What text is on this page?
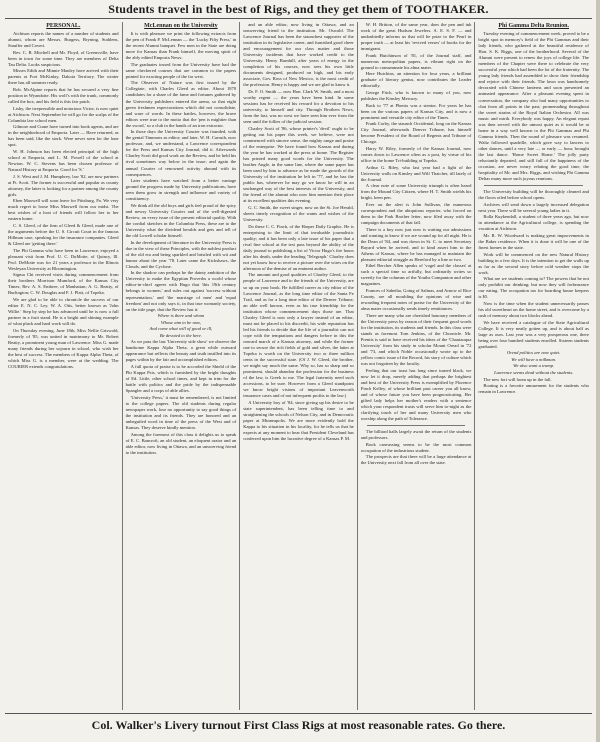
Students travel in the best of Rigs, and they get them of TOOTHAKER.
PERSONAL.

Atchison reports the names of a number of students and alumni, whom are Messrs. Burgess, Bryning, Stahlens, Stauffer and Covert.

Rev. C. B. Mitchell and Mr. Floyd, of Greensville, have been in town for some time. They are members of Delta Tau Delta. Looks suspicious.

Misses Edith and Minnie Manley have arrived with their parents at Fort McKinlay, Dakota Territory. The winter there has all summer ready.

Rob. McAlpine reports that he has secured a very fine position in Wyandotte. His wolf's with the trunk, commonly called the box, and his field is this fair patch.

Lisby, the irrepressible and notorious Victor, is now quiet at Atchison. Next September he will go for the scalps of the Columbia law school men.

Gilmore and Crane have turned into book agents, and are in the neighborhood of Emporia. Later — Have returned, as has been said, like the stork. Were never seen for the lone spot.

W. H. Johnson has been elected principal of the high school at Emporia, and L. M. Powell of the school at Newton. W. C. Stevens has been chosen professor of Natural History at Emporia. Good for 'S.'

J. S. West and J. M. Humphrey, law '82, are now partners at Ft. Scott. The former is successful and popular as county attorney, the latter is looking for a partner among the county girls.

Eben Maxwell will soon leave for Pittsburg, Pa. We very much regret to loose Miss Maxwell from our midst. The best wishes of a host of friends will follow her to her eastern home.

C. S. Gleed, of the firm of Gleed & Gleed, made one of the arguments before the U. S. Circuit Court in the famous Hillman case, speaking for the insurance companies. Gleed & Gleed are 'getting there.'

The Phi Gamma who have been in Lawrence, enjoyed a pleasant visit from Prof. U. C. DuMotte, of Quincy, Ill. Prof. DeMotte was for 21 years a professor in the Illinois Wesleyan University at Bloomington.

Sigma Chi received visits during commencement from their brothers Morrison Mumford, of the Kansas City Times; Rev. A. S. Embree, of Manhattan; A. G. Beatty, of Burlington; C. W. Douglas and F. J. Platt, of Topeka.

We are glad to be able to chronicle the success of our editor E. N. C. Ley. W. A. Otis, better known as 'John Willie.' Step by step he has advanced until he is now a full partner in a fruit stand. He is a bright and shining example of what pluck and hard work will do.

On Thursday evening, June 18th, Miss Nellie Griswold, formerly of '85, was united in matrimony to Mr. Robert Beatty, a prominent young man of Lawrence. Miss G. made many friends during her sojourn in school, who wish her the best of success. The members of Kappa Alpha Theta, of which Miss G. is a member, were at the wedding. The COURIER extends congratulations.

McLennan on the University

It is with pleasure we print the following extracts from the pen of Frank P. McLennan — the 'Lucky Fifty Press,' in the recent Alumni banquet. Few men in the State are doing more for Kansas than Frank himself, the moving spirit of the ably edited Emporia News:

The graduates tossed from the University have had the same checkered courses that are common to the papers printed for exacting people of the far west.

The Observer of Nature was first issued by the Collegiate, with Charles Gleed as editor. About 1870 candidates for a share of the fame and fortunes gathered by the University publishers entered the arena, so that eight green freshmen expectorations which did not consolidate, and ware of words. In these battles, however, the brave editors were true to the motto that the 'pen is mightier than the sword,' so a club in the hands of an iron extractor.

In those days the University Courier was founded, with the genial Timmons as editor; and later, W. H. Carruth, now professor, and, we understand, a Lawrence correspondent for the Press and Kansas City Journal, did it. Afterwards Charley Scott did good work on the Review, and he held his rival sometimes way below in the issue; and again the annual Courier of renowned activity abound with its consequences.

Later students have watched from a better vantage ground the progress made by University publications; have seen them grow in strength and influence and variety of constituency.

We think all the old boys and girls feel proud of the spicy and newsy University Courier and of the well-digested Review, on every issue of the present editorial quality. With the cordial sketches in the Columbia Press, these are to the University what the dividend heralds and gets and tell of the old Lowell scholar himself.

In the development of literature in the University Press is due in the view of these Principles, with the noblest product of the old era and being sparkled and bristled with wit and humor about the year '78. Later came the Kickshaws, the Clouds, and the Cyclone.

In the shadow can perhaps be the dainty ambition of the University to make the Egyptian Proverbs a world whose editor-in-chief agrees with Hugo that 'this 19th century belongs to women,' and rules out against 'success without representation,' and 'the marriage of men' and 'equal freedom' and not only says it, in that true womanly society, on the title page, that the Review has it:

Where is there and whom

Whose aim to be now,

And come what will of good or ill,

Be devoted to the here.

As we pass the last 'University side show' we observe the handsome Kappa Alpha Theta, a great while outward appearance but reflects the beauty and truth instilled into its pages within by the fair and accomplished editors.

A full quota of praise is to be accorded the Shield of the Phi Kappa Psis, which is furnished by the bright thoughts of Ed. Little, other school times, and kept in trim for the battle with politics and the pride by the indispensable Spangler and a corps of able allies.

'University Press,' it must be remembered, is not limited to the college papers. The old students during regular newspaper work, lose no opportunity to say good things of the institution and its friends. They are honored and an unbeguiled word in time of the press of the West and of Kansas. They deserve kindly mention.

Among the foremost of this class it delights us to speak of E. C. Bancroft, an old student, an eloquent orator and an able editor, now living in Ottawa, and an unswerving friend to the institution.

and an able editor, now living in Ottawa, and an unswerving friend to the institution. Mr. Oswald. The Lawrence Journal has been the staunchest supporter of the institution in its legislative career, and furnished good cheer and encouragement for our class matter and those University incidents that have worked credit to the University. Henry Barnhill, after years of energy in the completion of his courses, now sees his own little documents designed, produced on high, and his early associate, Gov. Ross of New Mexico, is the most credit of the profession. Henry is happy and we are glad to know it.

Dr. F. O. Smith — now Hon. Clark W. Smith, and a most worthy regent — the years have been kind. In some sessions has he received his reward for a devotion to his university, to himself and city. Through Brothers News, from the last, was no west we have seen him ever from the seen until the follies of the judicial session.

Charley Scott of '86, whose printer's 'devil' ought to be getting out his paper this week, we believe, were not commenced with sincere sense, the mighty range and praise of the enterprise. We have found how Kansas and during the year he has worked at the press at home. The Register has printed many good words for the University. The brother Angle, in the same line, where the same paper has been used by him to advance as he made the growth of the University of the institution he left in '77, and he has the public has, wherever he may go we know he will in an unchanged way of the best interests of the University, and the friend of the alumni who now him mention their place at its excellent qualities this evening.

G. C. Smith, the sweet singer, now on the St. Joe Herald, sheets timely recognition of the wants and wishes of the University.

Do these C. C. Finch, of the Harper Daily Graphic. He is enterprising to the limit of that invaluable journalistic quality; and it has been only a late issue of his paper that a rival fine school at the test pass beyond the ability of the daily journal to publishing a list of Victor Hugo's fire hours after his death, under the heading 'Telegraph.' Charley does not yet know how to receive a picture over the wires on the afternoon of the demise of an eminent author.

The amount and good qualities of Charley Gleed, to the people of Lawrence and to the friends of the University, are so up on your book. He fulfilled career as city editor of the Lawrence Journal, as the long time editor of the Santa Fe Trail, and as for a long time editor of the Denver Tribune, an able well known, even as his true friendship for the institution whose commencement days those are. That Charley Gleed is now only a lawyer instead of an editor, must not be placed to his discredit, his wide reputation has led his friends to decide that the life of a journalist can not cope with the temptations and dangers before in this the onward march of a Kansas attorney, and while the former one to secure the rich fields of gold and silver, the latter at Topeka is worth on the University two or three million cents in the successful state. (Of J. W. Gleed, the brother, we might say much the same. Why so, has so sharp and so prominent, should abandon the profession for the business of the law, is Greek to me. The legal fraternity need such accessions, to be sure. However from a Gleed standpoint we know bright visions of important Leavenworth insurance cases and of not infrequent profits to the law.)

A University boy of '84, since giving up his desire to be state superintendent, has been telling time to and straightening the schools of Nelson City, and in Democratic paper at Minneapolis. We are more evidently hold the Kappa to his situation in his locality, for he tells us that he expects at any moment to hear that President Cleveland has conferred upon him the lucrative degree of a Kansas P. M.

W. H. Britton, of the same year, does the pen and ink work of the great Hudson Jewelers. A. E. S. F. — and undoubtedly informs us that will be prize to the Pearl in proper truth — at least his 'revived verses' of books for the immigrant.

Frank Hutchinson of '81, of the Journal staff, and numerous metropolitan papers, is vibrant right on the ground to consummate his alma mater.

Here Hutchins, an attention for four years, a brilliant graduate of literary genius, now contributes the Leader editorially.

George Fitch, who is known to many of you, now publishes the Kinsley Mercury.

Back to '77 at Phenix was a stentor. For years he has been on the various papers of Kansas City, and is now a prominent and versatile city editor of the Times.

Frank Corby, the staunch Occidental, long on the Kansas City Journal, afterwards Denver Tribune, has himself become President of the Board of Regents and Tribune of Chicago.

Harry W. Riley, formerly of the Kansas Journal, now comes down to Lawrence often as a post, by virtue of his office in the home Tri-building at Topeka.

Arthur G. Riley, who last year had a light of the University walls on Kinsley and Wilf Thatcher, till lately of the Journal.

A clear note of some University triumph is often heard from the Mound City Citizen, where H. T. Smith wields his bright, keen pen.

Ever on the alert is John Sullivan, the numerous correspondent and the ubiquitous reporter, who forced on them in the Park Brother letter, now filed away with the campaign documents of that fall.

There is a boy now just now is waiting our admissions and wanting to know if we are wound up for all night. He is the Dean of '84, and was down in St. C. to meet Secretary Bayard when he arrived, and to kind assert him to the Athens of Kansas, where he has managed to maintain the pleasant editorial struggle as Hereford by a line or two.

Ethel Bercher Allen speaks of 'vogel and the classes' at such a special time so artfully, but ordinarily writes so sweetly for the columns of the Youths Companion and other magazines.

Frances of Sabetha, Going of Salinas, and Arnow of Rice County, are all moulding the opinions of wise and rewarding frequent notes of praise for the University of the alma mater occasionally sends timely remittances.

There are many who are cherished honorary members of the University press by reason of their frequent good words for the institution, its students and friends. In this class were stands as foremost Tom Jenkins, of the Chronicle. Mr. Prentis is said to have received his ideas of the 'Chautauqua University' from his study in scholar Mount Oread in '72 and '73, and which Noble occasionally wrote up to the yellow comic issue of the Record, his story of culture which was not forgotten by the faculty.

Feeling that our toast has long since turned black, we now let it drop, merely adding that perhaps the brightest and best of the University Press is exemplified by Florence Finch Kelley, of whose brilliant past career you all know, and of whose future you have been prognosticating. Her gifted lady helps her mother's readers with a sentence which your respondent trusts will serve him to-night as the clarifying touch of her and many University men who worship along the path of Tolerance.

The billiard halls largely await the return of the students and professors.

Book canvassing seems to be the most common occupation of the industrious student.

The prospects are that there will be a large attendance at the University next fall from all over the state.

Phi Gamma Delta Reunion.

Tuesday evening of commencement week, proved to be a bright spot in memory's field of the Phi Gammas and their lady friends, who gathered at the beautiful residence of Hon. S. K. Riggs, one of the brotherhood. Several of the Alumni were present to renew the joys of college life. The members of the Chapter were there to celebrate the very successful year which had been the lot of the fraternity. The young lady friends had assembled to show their friendship and rejoice with their friends. The lawn was handsomely decorated with Chinese lanterns and soon presented an animated appearance. After a pleasant evening spent in conversation, the company also had many opportunities to chat from all points in the past; promenading throughout the sweet strains of the Royal Italian Orchestra. All was music and mirth. Everybody was happy. An elegant repast was then served with the utmost quiet as it would be at home in a way well known to the Phi Gammas and Phi Gamma friends. Then the round of pleasure was resumed. Waltz followed quadrille, which gave way to lancers to other dances, until a very late — or early — hour, brought the last dance. 'Home Sweet Home.' The jolly party reluctantly departed, and still full of the happiness of the occasion, are never weary relating the good time, the hospitality of Mr. and Mrs. Riggs, and wishing Phi Gamma Deltas many more such joyous reunions.

The University building will be thoroughly cleaned and the floors oiled before school opens.

Archives will send down a largely increased delegation next year. There will be several young ladies in it.

Rolla Kuykendall, a student of three years ago, but now in attendance at the Agricultural college, is spending the vacation at Atchison.

Mr. R. W. Woodward is making great improvements in the Baker residence. When it is done it will be one of the finest homes in the state.

Work will be commenced on the new Natural History building in a few days. It is the intention to get the walls up as far as the second story before cold weather stops the work.

What are we students coming to? The powers that be not only prohibit our drinking; but now they will forbearance our eating. The occupation tax for boarding house keepers is $5.

Now is the time when the student unnecessarily passes his old sweetheart on the home street, and is overcome by a rush of memory about two blocks ahead.

We have received a catalogue of the State Agricultural College. It is very neatly gotten up, and is about half as large as ours. Last year was a very prosperous one, there being over four hundred students enrolled. Sixteen students graduated.

Orend politics are now quiet.

We will have a milkman.

We also want a tramp.

Lawrence seems dead without the students.

The new fort will loom up in the fall.

Boating is a favorite amusement for the students who remain in Lawrence.

Col. Walker's Livery turnout First Class Rigs at most reasonable rates. Go there.
